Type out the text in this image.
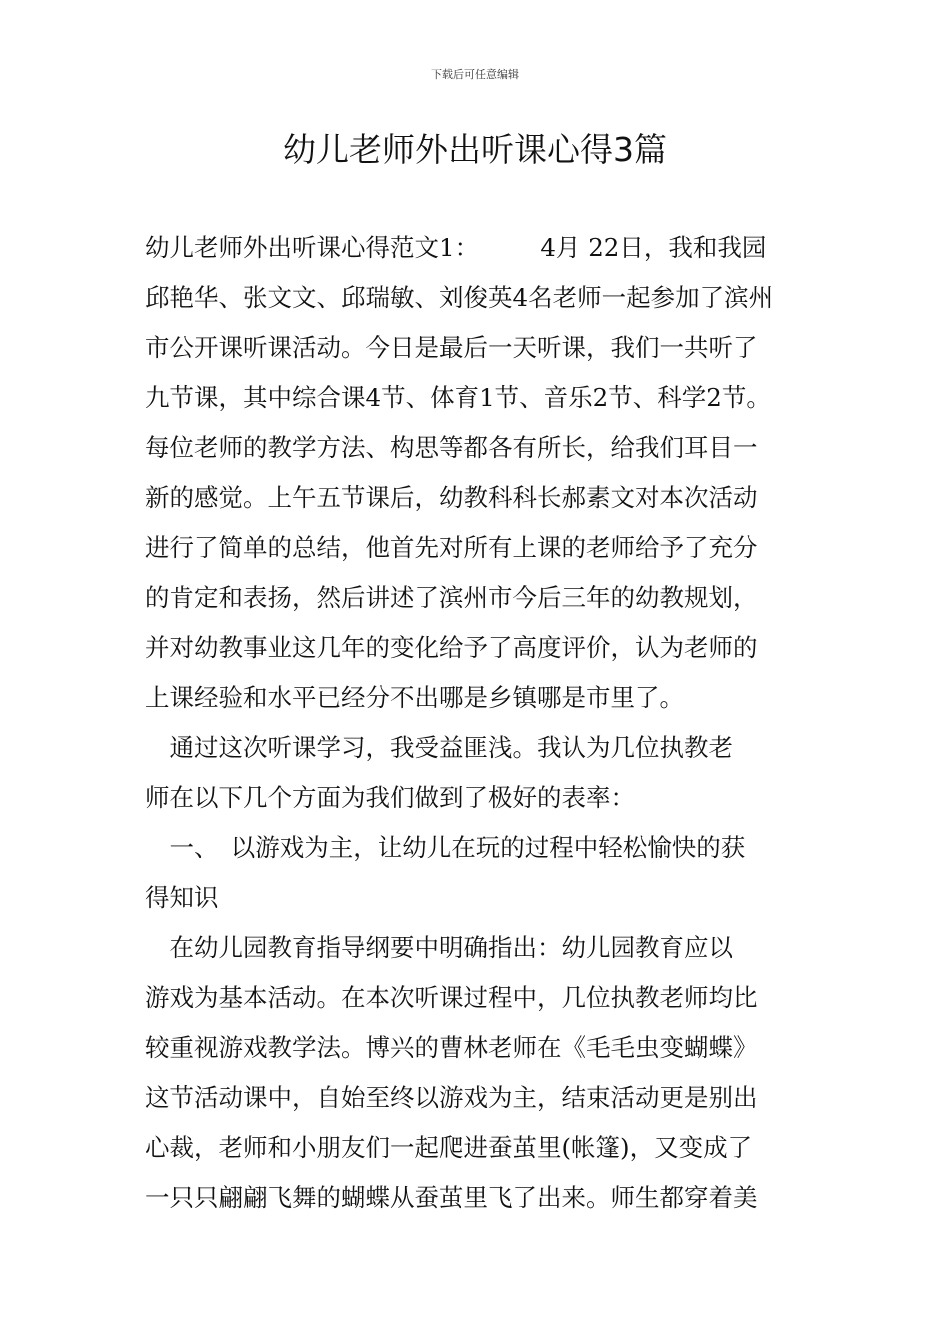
下载后可任意编辑
幼儿老师外出听课心得3篇
幼儿老师外出听课心得范文1：　　　4月 22日，我和我园
邱艳华、张文文、邱瑞敏、刘俊英4名老师一起参加了滨州
市公开课听课活动。今日是最后一天听课，我们一共听了
九节课，其中综合课4节、体育1节、音乐2节、科学2节。
每位老师的教学方法、构思等都各有所长，给我们耳目一
新的感觉。上午五节课后，幼教科科长郝素文对本次活动
进行了简单的总结，他首先对所有上课的老师给予了充分
的肯定和表扬，然后讲述了滨州市今后三年的幼教规划，
并对幼教事业这几年的变化给予了高度评价，认为老师的
上课经验和水平已经分不出哪是乡镇哪是市里了。
　通过这次听课学习，我受益匪浅。我认为几位执教老
师在以下几个方面为我们做到了极好的表率：
　一、　以游戏为主，让幼儿在玩的过程中轻松愉快的获
得知识
　在幼儿园教育指导纲要中明确指出：幼儿园教育应以
游戏为基本活动。在本次听课过程中，几位执教老师均比
较重视游戏教学法。博兴的曹林老师在《毛毛虫变蝴蝶》
这节活动课中，自始至终以游戏为主，结束活动更是别出
心裁，老师和小朋友们一起爬进蚕茧里(帐篷)，又变成了
一只只翩翩飞舞的蝴蝶从蚕茧里飞了出来。师生都穿着美
